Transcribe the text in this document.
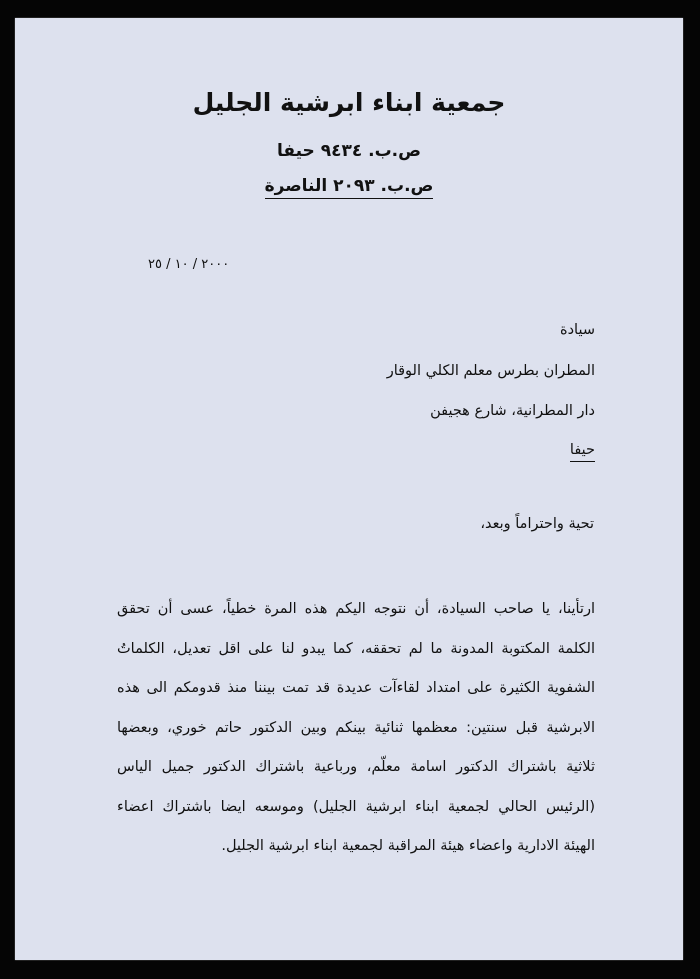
جمعية ابناء ابرشية الجليل
ص.ب. ٩٤٣٤ حيفا
ص.ب. ٢٠٩٣ الناصرة
٢٠٠٠ / ١٠ / ٢٥
سيادة
المطران بطرس معلم الكلي الوقار
دار المطرانية، شارع هجيفن
حيفا
تحية واحتراماً وبعد،
ارتأينا، يا صاحب السيادة، أن نتوجه اليكم هذه المرة خطياً، عسى أن تحقق
الكلمة المكتوبة المدونة ما لم تحققه، كما يبدو لنا على اقل تعديل، الكلماتُ
الشفوية الكثيرة على امتداد لقاءآت عديدة قد تمت بيننا منذ قدومكم الى هذه
الابرشية قبل سنتين: معظمها ثنائية بينكم وبين الدكتور حاتم خوري، وبعضها
ثلاثية باشتراك الدكتور اسامة معلّم، ورباعية باشتراك الدكتور جميل الياس
(الرئيس الحالي لجمعية ابناء ابرشية الجليل) وموسعه ايضا باشتراك اعضاء
الهيئة الادارية واعضاء هيئة المراقبة لجمعية ابناء ابرشية الجليل.
